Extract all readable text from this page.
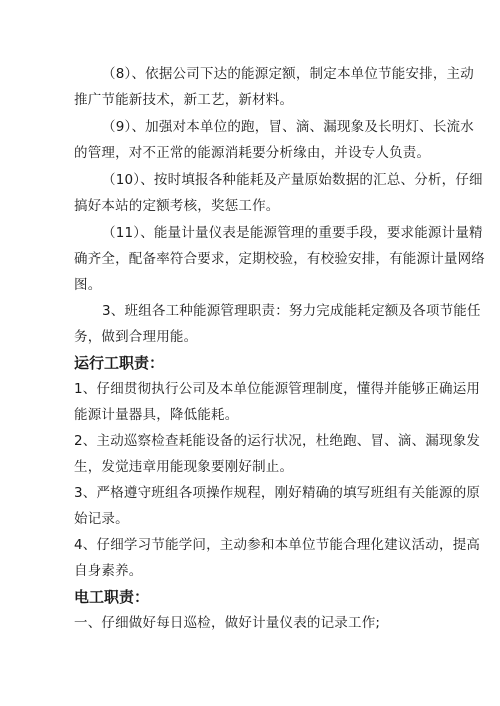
（8）、依据公司下达的能源定额，制定本单位节能安排，主动
推广节能新技术，新工艺，新材料。
（9）、加强对本单位的跑，冒、滴、漏现象及长明灯、长流水
的管理，对不正常的能源消耗要分析缘由，并设专人负责。
（10）、按时填报各种能耗及产量原始数据的汇总、分析，仔细
搞好本站的定额考核，奖惩工作。
（11）、能量计量仪表是能源管理的重要手段，要求能源计量精
确齐全，配备率符合要求，定期校验，有校验安排，有能源计量网络
图。
3、班组各工种能源管理职责：努力完成能耗定额及各项节能任
务，做到合理用能。
运行工职责：
1、仔细贯彻执行公司及本单位能源管理制度，懂得并能够正确运用
能源计量器具，降低能耗。
2、主动巡察检查耗能设备的运行状况，杜绝跑、冒、滴、漏现象发
生，发觉违章用能现象要刚好制止。
3、严格遵守班组各项操作规程，刚好精确的填写班组有关能源的原
始记录。
4、仔细学习节能学问，主动参和本单位节能合理化建议活动，提高
自身素养。
电工职责：
一、仔细做好每日巡检，做好计量仪表的记录工作;
